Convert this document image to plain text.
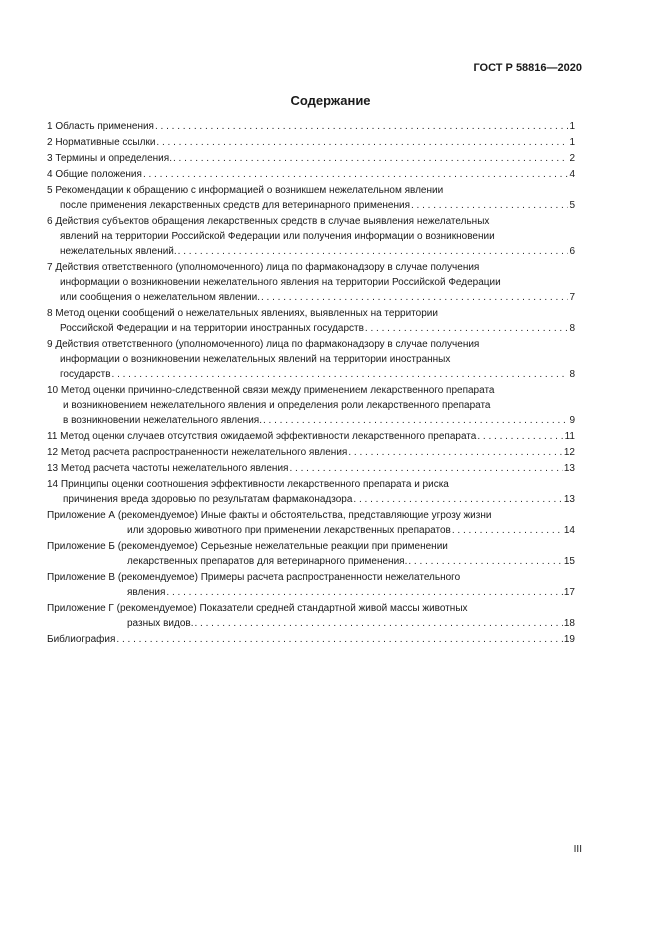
ГОСТ Р 58816—2020
Содержание
1 Область применения . . .	1
2 Нормативные ссылки . . .	1
3 Термины и определения. . . .	2
4 Общие положения . . .	4
5 Рекомендации к обращению с информацией о возникшем нежелательном явлении
после применения лекарственных средств для ветеринарного применения . . .	5
6 Действия субъектов обращения лекарственных средств в случае выявления нежелательных
явлений на территории Российской Федерации или получения информации о возникновении
нежелательных явлений. . . .	6
7 Действия ответственного (уполномоченного) лица по фармаконадзору в случае получения
информации о возникновении нежелательного явления на территории Российской Федерации
или сообщения о нежелательном явлении. . . .	7
8 Метод оценки сообщений о нежелательных явлениях, выявленных на территории
Российской Федерации и на территории иностранных государств . . .	8
9 Действия ответственного (уполномоченного) лица по фармаконадзору в случае получения
информации о возникновении нежелательных явлений на территории иностранных
государств . . .	8
10 Метод оценки причинно-следственной связи между применением лекарственного препарата
и возникновением нежелательного явления и определения роли лекарственного препарата
в возникновении нежелательного явления. . . .	9
11 Метод оценки случаев отсутствия ожидаемой эффективности лекарственного препарата . . .	11
12 Метод расчета распространенности нежелательного явления . . .	12
13 Метод расчета частоты нежелательного явления . . .	13
14 Принципы оценки соотношения эффективности лекарственного препарата и риска
причинения вреда здоровью по результатам фармаконадзора . . .	13
Приложение А (рекомендуемое) Иные факты и обстоятельства, представляющие угрозу жизни
или здоровью животного при применении лекарственных препаратов . . .	14
Приложение Б (рекомендуемое) Серьезные нежелательные реакции при применении
лекарственных препаратов для ветеринарного применения. . . .	15
Приложение В (рекомендуемое) Примеры расчета распространенности нежелательного
явления . . .	17
Приложение Г (рекомендуемое) Показатели средней стандартной живой массы животных
разных видов. . . .	18
Библиография . . .	19
III
